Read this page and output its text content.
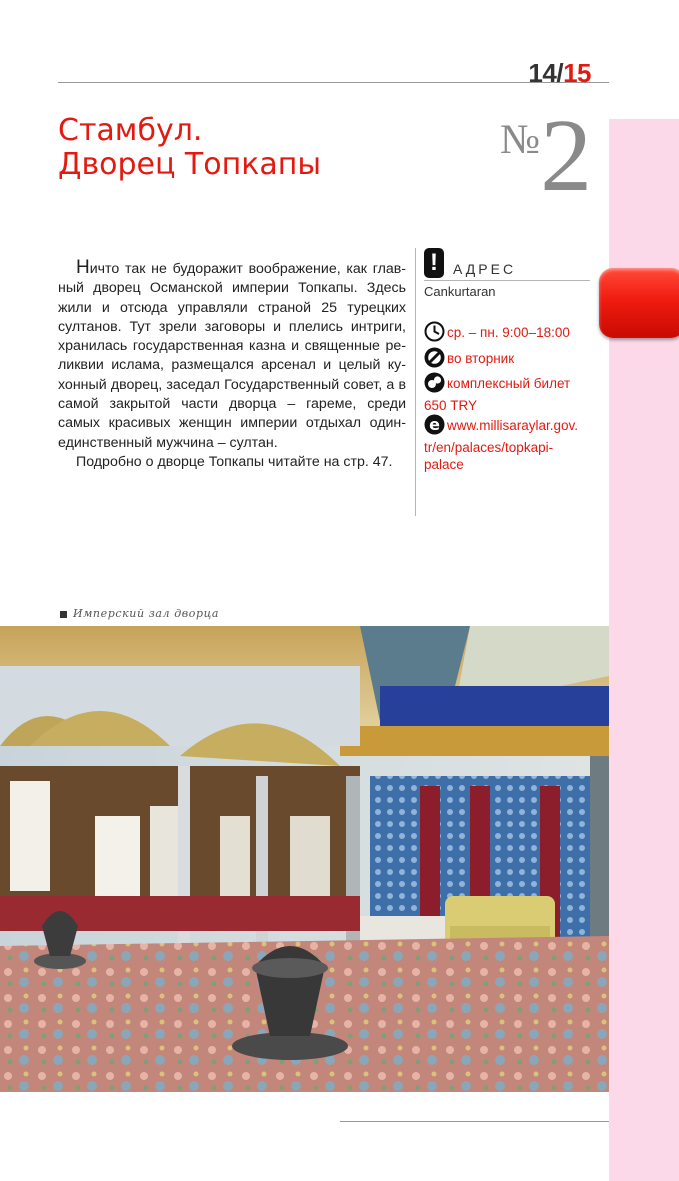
14/15
Стамбул.
Дворец Топкапы
№2

Ничто так не будоражит воображение, как глав-ный дворец Османской империи Топкапы. Здесь жили и отсюда управляли страной 25 турецких султанов. Тут зрели заговоры и плелись интриги, хранилась государственная казна и священные ре-ликвии ислама, размещался арсенал и целый ку-хонный дворец, заседал Государственный совет, а в самой закрытой части дворца – гареме, среди самых красивых женщин империи отдыхал один-единственный мужчина – султан.

Подробно о дворце Топкапы читайте на стр. 47.

!	АДРЕС
Cankurtaran
ср. – пн. 9:00–18:00
во вторник
комплексный билет
650 TRY
e www.millisaraylar.gov.
tr/en/palaces/topkapi-
palace
Имперский зал дворца
